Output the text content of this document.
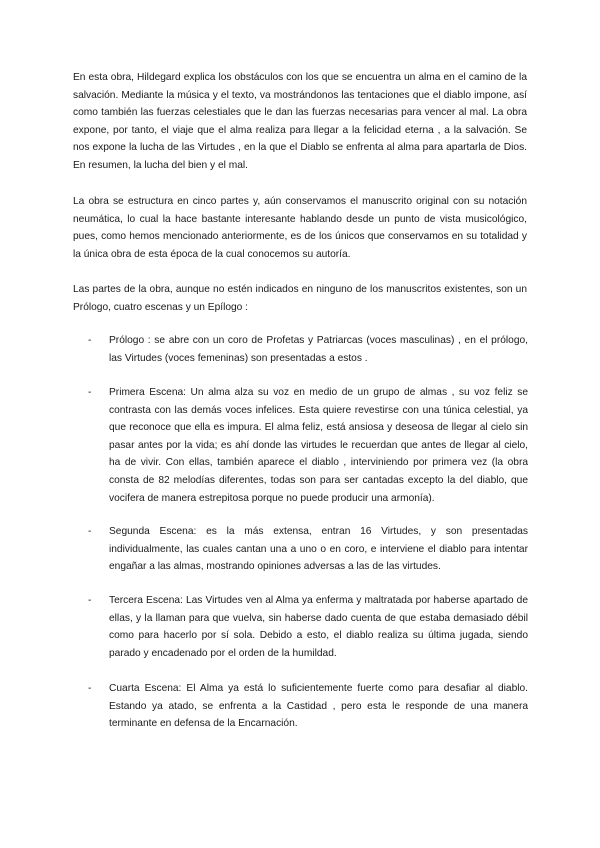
En esta obra, Hildegard explica los obstáculos con los que se encuentra un alma en el camino de la salvación. Mediante la música y el texto, va mostrándonos las tentaciones que el diablo impone, así como también las fuerzas celestiales que le dan las fuerzas necesarias para vencer al mal. La obra expone, por tanto, el viaje que el alma realiza para llegar a la felicidad eterna , a la salvación. Se nos expone la lucha de las Virtudes , en la que el Diablo se enfrenta al alma para apartarla de Dios. En resumen, la lucha del bien y el mal.

La obra se estructura en cinco partes y, aún conservamos el manuscrito original con su notación neumática, lo cual la hace bastante interesante hablando desde un punto de vista musicológico, pues, como hemos mencionado anteriormente, es de los únicos que conservamos en su totalidad y la única obra de esta época de la cual conocemos su autoría.

Las partes de la obra, aunque no estén indicados en ninguno de los manuscritos existentes, son un Prólogo, cuatro escenas y un Epílogo :

-	Prólogo : se abre con un coro de Profetas y Patriarcas (voces masculinas) , en el prólogo, las Virtudes (voces femeninas) son presentadas a estos .

-	Primera Escena: Un alma alza su voz en medio de un grupo de almas , su voz feliz se contrasta con las demás voces infelices. Esta quiere revestirse con una túnica celestial, ya que reconoce que ella es impura. El alma feliz, está ansiosa y deseosa de llegar al cielo sin pasar antes por la vida; es ahí donde las virtudes le recuerdan que antes de llegar al cielo, ha de vivir. Con ellas, también aparece el diablo , interviniendo por primera vez (la obra consta de 82 melodías diferentes, todas son para ser cantadas excepto la del diablo, que vocifera de manera estrepitosa porque no puede producir una armonía).

-	Segunda Escena: es la más extensa, entran 16 Virtudes, y son presentadas individualmente, las cuales cantan una a uno o en coro, e interviene el diablo para intentar engañar a las almas, mostrando opiniones adversas a las de las virtudes.

-	Tercera Escena: Las Virtudes ven al Alma ya enferma y maltratada por haberse apartado de ellas, y la llaman para que vuelva, sin haberse dado cuenta de que estaba demasiado débil como para hacerlo por sí sola. Debido a esto, el diablo realiza su última jugada, siendo parado y encadenado por el orden de la humildad.

-	Cuarta Escena: El Alma ya está lo suficientemente fuerte como para desafiar al diablo. Estando ya atado, se enfrenta a la Castidad , pero esta le responde de una manera terminante en defensa de la Encarnación.
